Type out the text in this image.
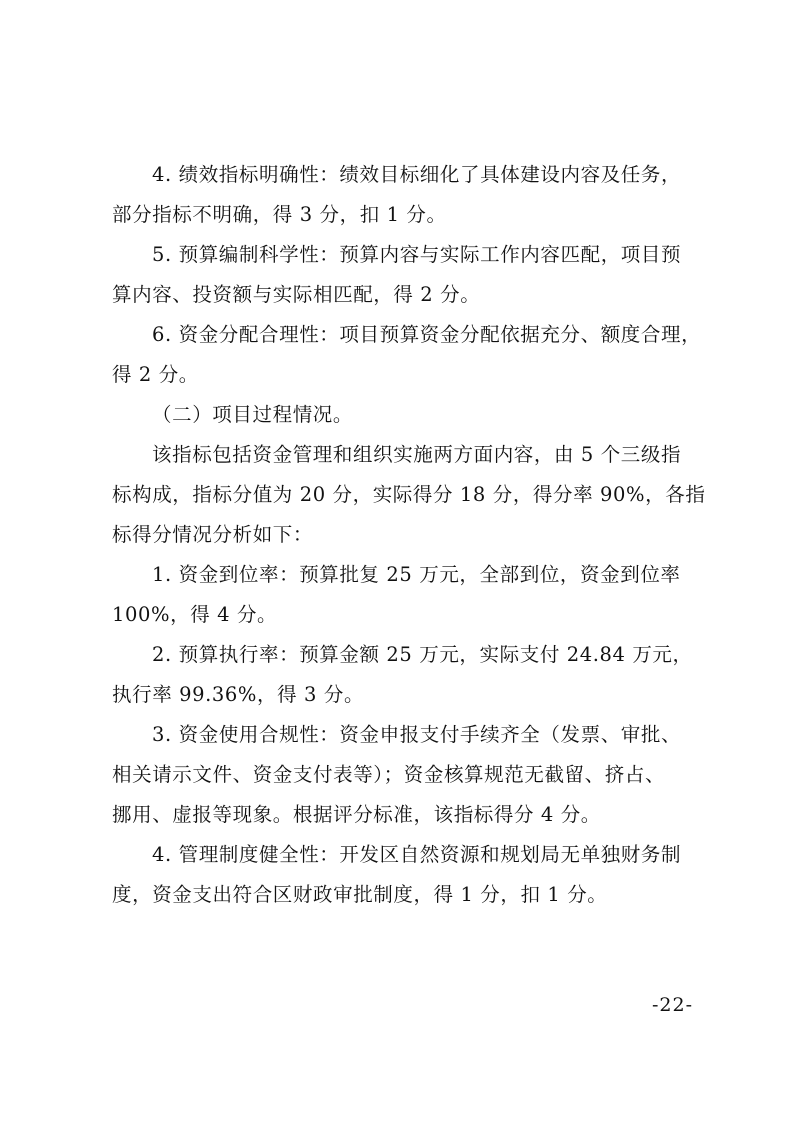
4. 绩效指标明确性：绩效目标细化了具体建设内容及任务，
部分指标不明确，得 3 分，扣 1 分。
5. 预算编制科学性：预算内容与实际工作内容匹配，项目预
算内容、投资额与实际相匹配，得 2 分。
6. 资金分配合理性：项目预算资金分配依据充分、额度合理，
得 2 分。
（二）项目过程情况。
该指标包括资金管理和组织实施两方面内容，由 5 个三级指
标构成，指标分值为 20 分，实际得分 18 分，得分率 90%，各指
标得分情况分析如下：
1. 资金到位率：预算批复 25 万元，全部到位，资金到位率
100%，得 4 分。
2. 预算执行率：预算金额 25 万元，实际支付 24.84 万元，
执行率 99.36%，得 3 分。
3. 资金使用合规性：资金申报支付手续齐全（发票、审批、
相关请示文件、资金支付表等）；资金核算规范无截留、挤占、
挪用、虚报等现象。根据评分标准，该指标得分 4 分。
4. 管理制度健全性：开发区自然资源和规划局无单独财务制
度，资金支出符合区财政审批制度，得 1 分，扣 1 分。
-22-
